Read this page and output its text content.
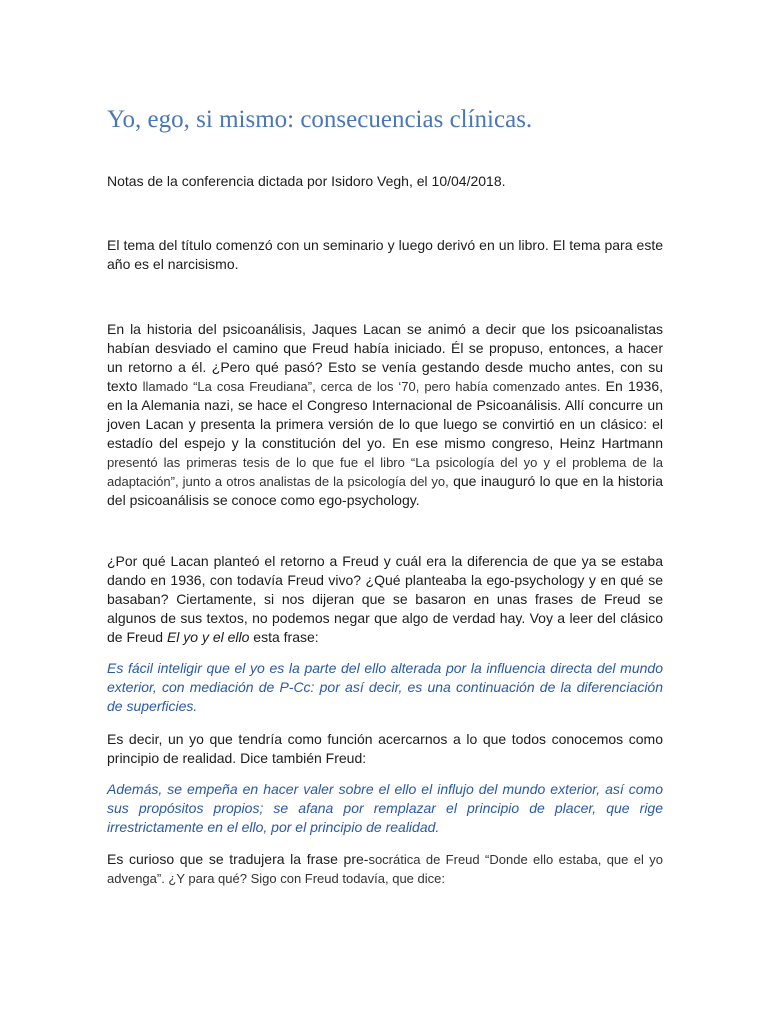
Yo, ego, si mismo: consecuencias clínicas.

Notas de la conferencia dictada por Isidoro Vegh, el 10/04/2018.

El tema del título comenzó con un seminario y luego derivó en un libro. El tema para este año es el narcisismo.

En la historia del psicoanálisis, Jaques Lacan se animó a decir que los psicoanalistas habían desviado el camino que Freud había iniciado. Él se propuso, entonces, a hacer un retorno a él. ¿Pero qué pasó? Esto se venía gestando desde mucho antes, con su texto llamado “La cosa Freudiana”, cerca de los ‘70, pero había comenzado antes. En 1936, en la Alemania nazi, se hace el Congreso Internacional de Psicoanálisis. Allí concurre un joven Lacan y presenta la primera versión de lo que luego se convirtió en un clásico: el estadío del espejo y la constitución del yo. En ese mismo congreso, Heinz Hartmann presentó las primeras tesis de lo que fue el libro “La psicología del yo y el problema de la adaptación”, junto a otros analistas de la psicología del yo, que inauguró lo que en la historia del psicoanálisis se conoce como ego-psychology.

¿Por qué Lacan planteó el retorno a Freud y cuál era la diferencia de que ya se estaba dando en 1936, con todavía Freud vivo? ¿Qué planteaba la ego-psychology y en qué se basaban? Ciertamente, si nos dijeran que se basaron en unas frases de Freud se algunos de sus textos, no podemos negar que algo de verdad hay. Voy a leer del clásico de Freud El yo y el ello esta frase:

Es fácil inteligir que el yo es la parte del ello alterada por la influencia directa del mundo exterior, con mediación de P-Cc: por así decir, es una continuación de la diferenciación de superficies.

Es decir, un yo que tendría como función acercarnos a lo que todos conocemos como principio de realidad. Dice también Freud:

Además, se empeña en hacer valer sobre el ello el influjo del mundo exterior, así como sus propósitos propios; se afana por remplazar el principio de placer, que rige irrestrictamente en el ello, por el principio de realidad.

Es curioso que se tradujera la frase pre-socrática de Freud “Donde ello estaba, que el yo advenga”. ¿Y para qué? Sigo con Freud todavía, que dice:
